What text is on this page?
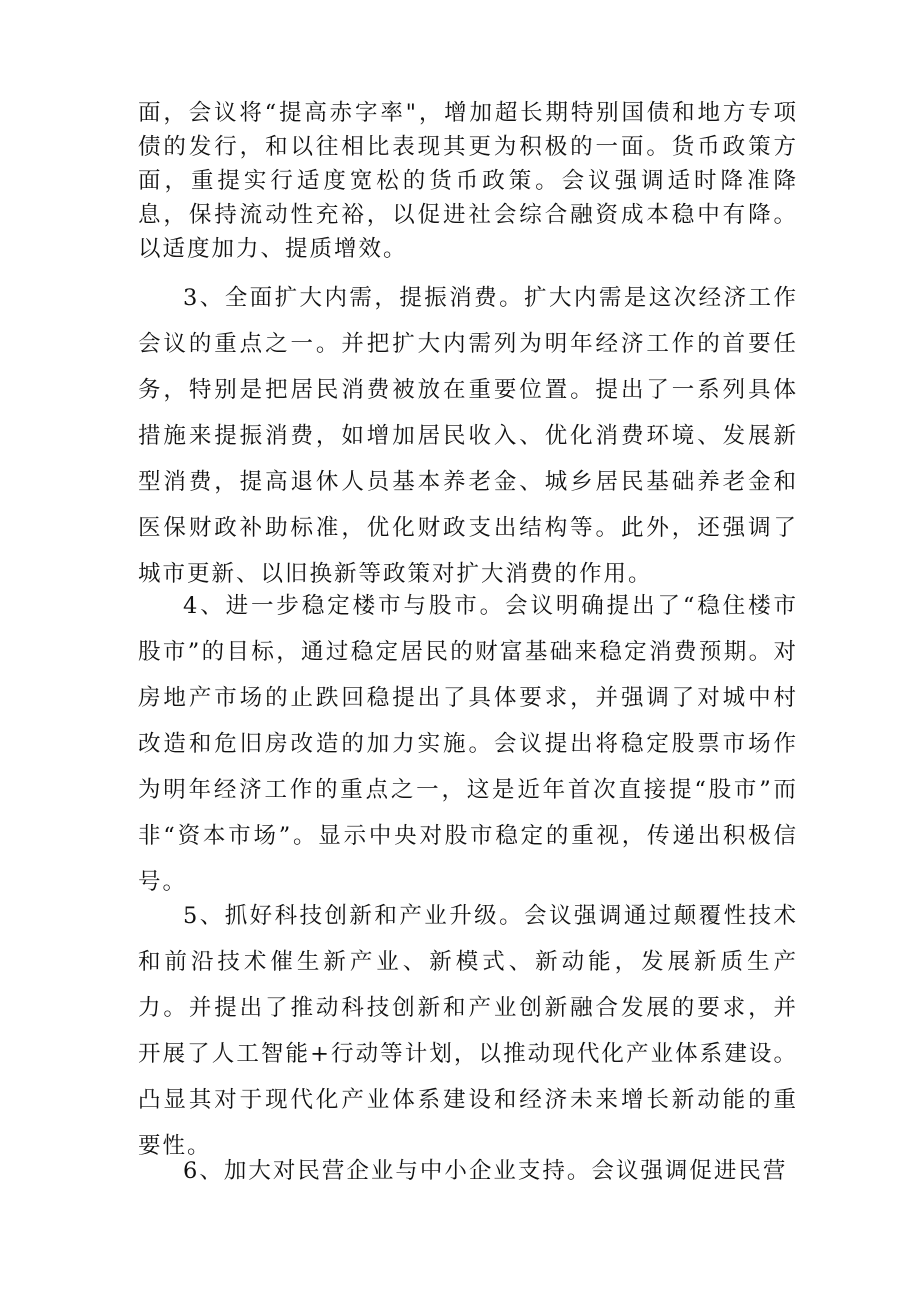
面，会议将“提高赤字率"，增加超长期特别国债和地方专项债的发行，和以往相比表现其更为积极的一面。货币政策方面，重提实行适度宽松的货币政策。会议强调适时降准降息，保持流动性充裕，以促进社会综合融资成本稳中有降。以适度加力、提质增效。

3、全面扩大内需，提振消费。扩大内需是这次经济工作会议的重点之一。并把扩大内需列为明年经济工作的首要任务，特别是把居民消费被放在重要位置。提出了一系列具体措施来提振消费，如增加居民收入、优化消费环境、发展新型消费，提高退休人员基本养老金、城乡居民基础养老金和医保财政补助标准，优化财政支出结构等。此外，还强调了城市更新、以旧换新等政策对扩大消费的作用。

4、进一步稳定楼市与股市。会议明确提出了“稳住楼市股市”的目标，通过稳定居民的财富基础来稳定消费预期。对房地产市场的止跌回稳提出了具体要求，并强调了对城中村改造和危旧房改造的加力实施。会议提出将稳定股票市场作为明年经济工作的重点之一，这是近年首次直接提“股市”而非“资本市场”。显示中央对股市稳定的重视，传递出积极信号。

5、抓好科技创新和产业升级。会议强调通过颠覆性技术和前沿技术催生新产业、新模式、新动能，发展新质生产力。并提出了推动科技创新和产业创新融合发展的要求，并开展了人工智能+行动等计划，以推动现代化产业体系建设。凸显其对于现代化产业体系建设和经济未来增长新动能的重要性。

6、加大对民营企业与中小企业支持。会议强调促进民营
